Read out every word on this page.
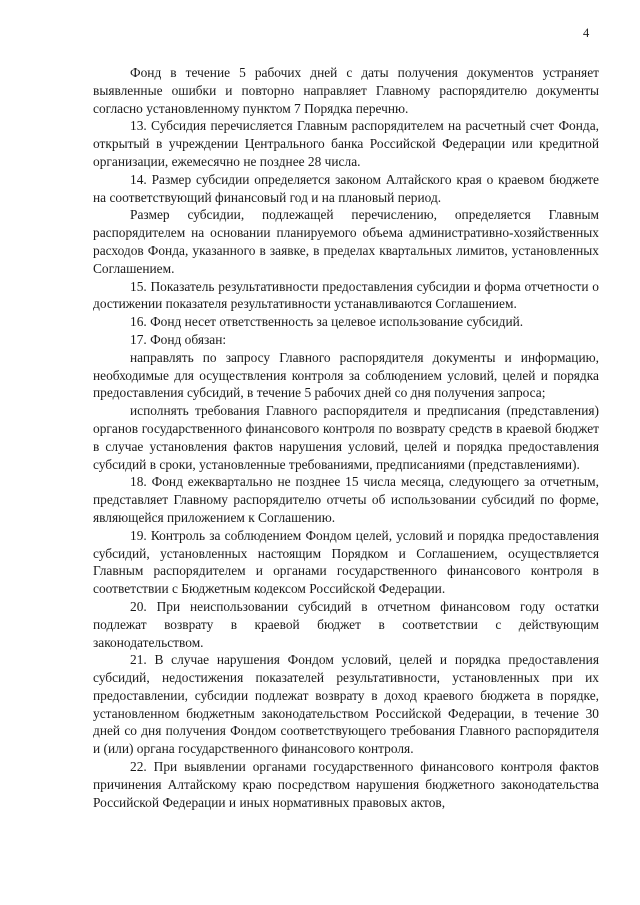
4

Фонд в течение 5 рабочих дней с даты получения документов устраняет выявленные ошибки и повторно направляет Главному распорядителю документы согласно установленному пунктом 7 Порядка перечню.

13. Субсидия перечисляется Главным распорядителем на расчетный счет Фонда, открытый в учреждении Центрального банка Российской Федерации или кредитной организации, ежемесячно не позднее 28 числа.

14. Размер субсидии определяется законом Алтайского края о краевом бюджете на соответствующий финансовый год и на плановый период.

Размер субсидии, подлежащей перечислению, определяется Главным распорядителем на основании планируемого объема административно-хозяйственных расходов Фонда, указанного в заявке, в пределах квартальных лимитов, установленных Соглашением.

15. Показатель результативности предоставления субсидии и форма отчетности о достижении показателя результативности устанавливаются Соглашением.

16. Фонд несет ответственность за целевое использование субсидий.

17. Фонд обязан:

направлять по запросу Главного распорядителя документы и информацию, необходимые для осуществления контроля за соблюдением условий, целей и порядка предоставления субсидий, в течение 5 рабочих дней со дня получения запроса;

исполнять требования Главного распорядителя и предписания (представления) органов государственного финансового контроля по возврату средств в краевой бюджет в случае установления фактов нарушения условий, целей и порядка предоставления субсидий в сроки, установленные требованиями, предписаниями (представлениями).

18. Фонд ежеквартально не позднее 15 числа месяца, следующего за отчетным, представляет Главному распорядителю отчеты об использовании субсидий по форме, являющейся приложением к Соглашению.

19. Контроль за соблюдением Фондом целей, условий и порядка предоставления субсидий, установленных настоящим Порядком и Соглашением, осуществляется Главным распорядителем и органами государственного финансового контроля в соответствии с Бюджетным кодексом Российской Федерации.

20. При неиспользовании субсидий в отчетном финансовом году остатки подлежат возврату в краевой бюджет в соответствии с действующим законодательством.

21. В случае нарушения Фондом условий, целей и порядка предоставления субсидий, недостижения показателей результативности, установленных при их предоставлении, субсидии подлежат возврату в доход краевого бюджета в порядке, установленном бюджетным законодательством Российской Федерации, в течение 30 дней со дня получения Фондом соответствующего требования Главного распорядителя и (или) органа государственного финансового контроля.

22. При выявлении органами государственного финансового контроля фактов причинения Алтайскому краю посредством нарушения бюджетного законодательства Российской Федерации и иных нормативных правовых актов,
